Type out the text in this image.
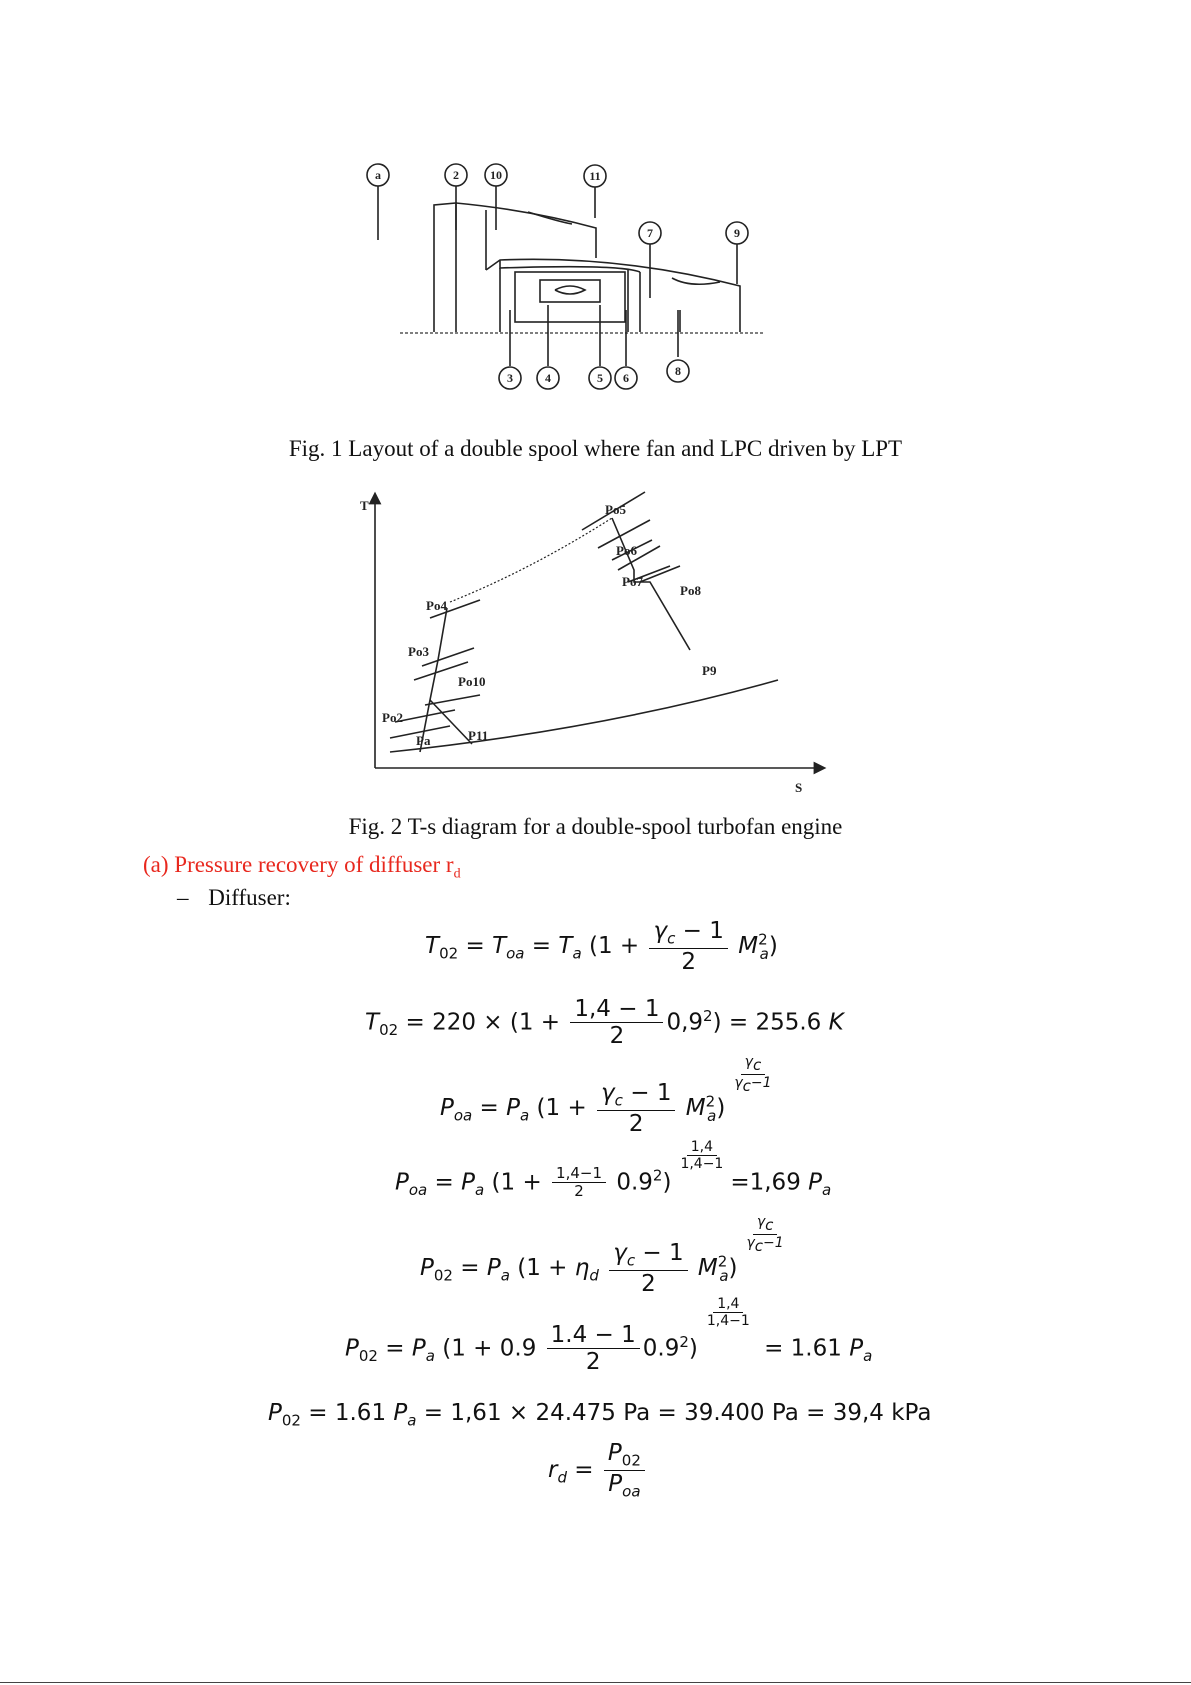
a	2	10	11
7	9
3	4	5 6	8
Fig. 1 Layout of a double spool where fan and LPC driven by LPT
T
S
Po5
Po6
Po7
Po8
Po4
Po3
Po10
Po2
Pa	P11
P9
Fig. 2 T-s diagram for a double-spool turbofan engine
(a) Pressure recovery of diffuser $r_d$
– Diffuser:
$T_{02} = T_{oa} = T_a$ $(1 + \frac{\gamma_c - 1}{2} M^2_a)$
$T_{02} = 220 \times (1 + \frac{1,4 - 1}{2} 0,9^2) = 255.6$ K
$P_{oa} = P_a$ $(1 + \frac{\gamma_c - 1}{2} M^2_a)$
$\frac{\gamma_c}{\gamma_c-1}$
$P_{oa} = P_a$ $(1 + \frac{1,4-1}{2} 0.9^2)$
$\frac{1,4}{1,4-1}$
=1,69 $P_a$
$P_{02} = P_a$ $(1 + \eta_d \frac{\gamma_c - 1}{2} M^2_a)$
$\frac{\gamma_c}{\gamma_c-1}$
$P_{02} = P_a$ $(1 + 0.9 \frac{1.4 - 1}{2} 0.9^2)$
$\frac{1,4}{1,4-1}$
= 1.61 $P_a$
$P_{02} = 1.61$ $P_a = 1,61 \times 24.475$ Pa = 39.400 Pa = 39,4 kPa
$r_d = \frac{P_{02}}{P_{oa}}$
